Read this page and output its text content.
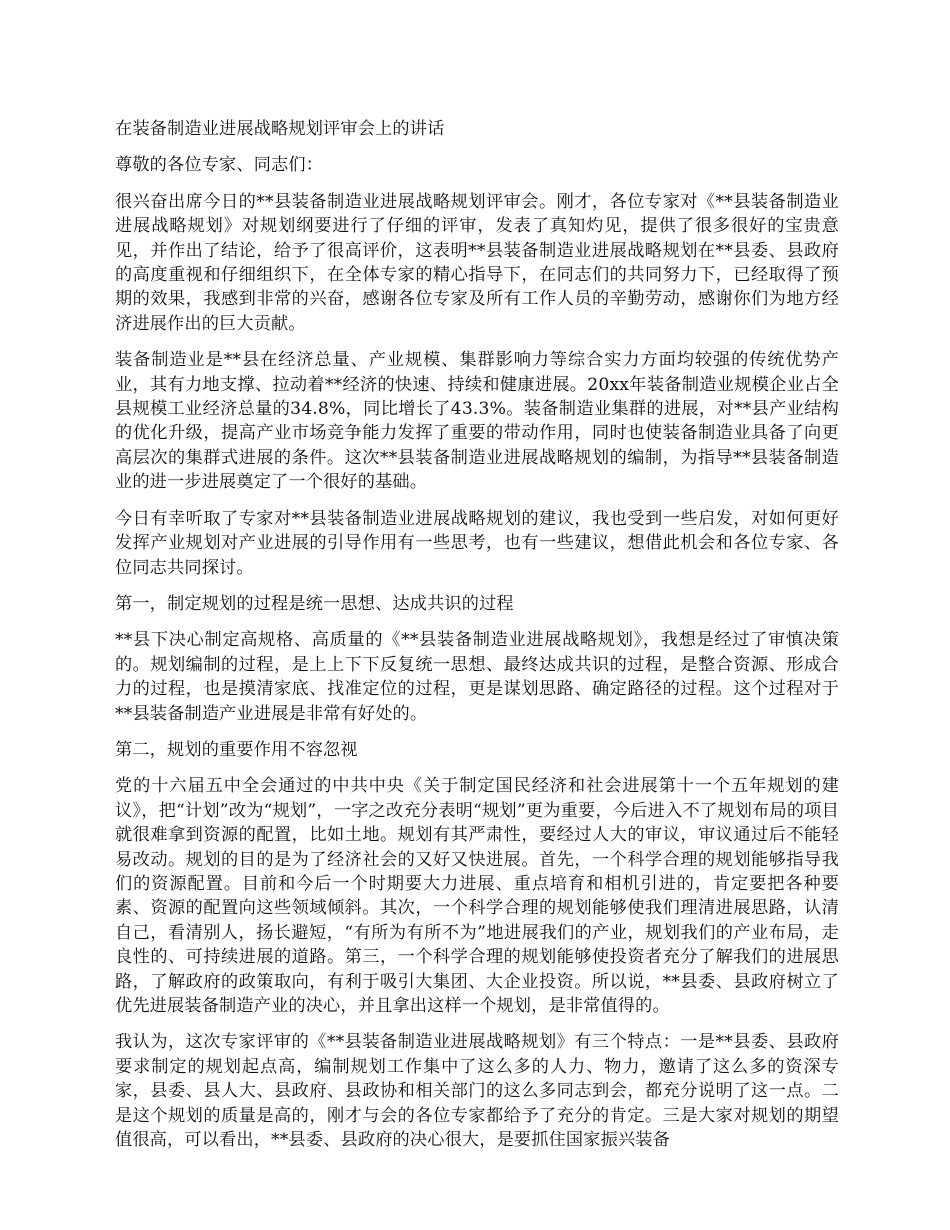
在装备制造业进展战略规划评审会上的讲话

尊敬的各位专家、同志们：

很兴奋出席今日的**县装备制造业进展战略规划评审会。刚才，各位专家对《**县装备制造业进展战略规划》对规划纲要进行了仔细的评审，发表了真知灼见，提供了很多很好的宝贵意见，并作出了结论，给予了很高评价，这表明**县装备制造业进展战略规划在**县委、县政府的高度重视和仔细组织下，在全体专家的精心指导下，在同志们的共同努力下，已经取得了预期的效果，我感到非常的兴奋，感谢各位专家及所有工作人员的辛勤劳动，感谢你们为地方经济进展作出的巨大贡献。

装备制造业是**县在经济总量、产业规模、集群影响力等综合实力方面均较强的传统优势产业，其有力地支撑、拉动着**经济的快速、持续和健康进展。20xx年装备制造业规模企业占全县规模工业经济总量的34.8%，同比增长了43.3%。装备制造业集群的进展，对**县产业结构的优化升级，提高产业市场竞争能力发挥了重要的带动作用，同时也使装备制造业具备了向更高层次的集群式进展的条件。这次**县装备制造业进展战略规划的编制，为指导**县装备制造业的进一步进展奠定了一个很好的基础。

今日有幸听取了专家对**县装备制造业进展战略规划的建议，我也受到一些启发，对如何更好发挥产业规划对产业进展的引导作用有一些思考，也有一些建议，想借此机会和各位专家、各位同志共同探讨。

第一，制定规划的过程是统一思想、达成共识的过程

**县下决心制定高规格、高质量的《**县装备制造业进展战略规划》，我想是经过了审慎决策的。规划编制的过程，是上上下下反复统一思想、最终达成共识的过程，是整合资源、形成合力的过程，也是摸清家底、找准定位的过程，更是谋划思路、确定路径的过程。这个过程对于**县装备制造产业进展是非常有好处的。

第二，规划的重要作用不容忽视

党的十六届五中全会通过的中共中央《关于制定国民经济和社会进展第十一个五年规划的建议》，把“计划”改为“规划”，一字之改充分表明“规划”更为重要，今后进入不了规划布局的项目就很难拿到资源的配置，比如土地。规划有其严肃性，要经过人大的审议，审议通过后不能轻易改动。规划的目的是为了经济社会的又好又快进展。首先，一个科学合理的规划能够指导我们的资源配置。目前和今后一个时期要大力进展、重点培育和相机引进的，肯定要把各种要素、资源的配置向这些领域倾斜。其次，一个科学合理的规划能够使我们理清进展思路，认清自己，看清别人，扬长避短，“有所为有所不为”地进展我们的产业，规划我们的产业布局，走良性的、可持续进展的道路。第三，一个科学合理的规划能够使投资者充分了解我们的进展思路，了解政府的政策取向，有利于吸引大集团、大企业投资。所以说，**县委、县政府树立了优先进展装备制造产业的决心，并且拿出这样一个规划，是非常值得的。

我认为，这次专家评审的《**县装备制造业进展战略规划》有三个特点：一是**县委、县政府要求制定的规划起点高，编制规划工作集中了这么多的人力、物力，邀请了这么多的资深专家，县委、县人大、县政府、县政协和相关部门的这么多同志到会，都充分说明了这一点。二是这个规划的质量是高的，刚才与会的各位专家都给予了充分的肯定。三是大家对规划的期望值很高，可以看出，**县委、县政府的决心很大，是要抓住国家振兴装备
